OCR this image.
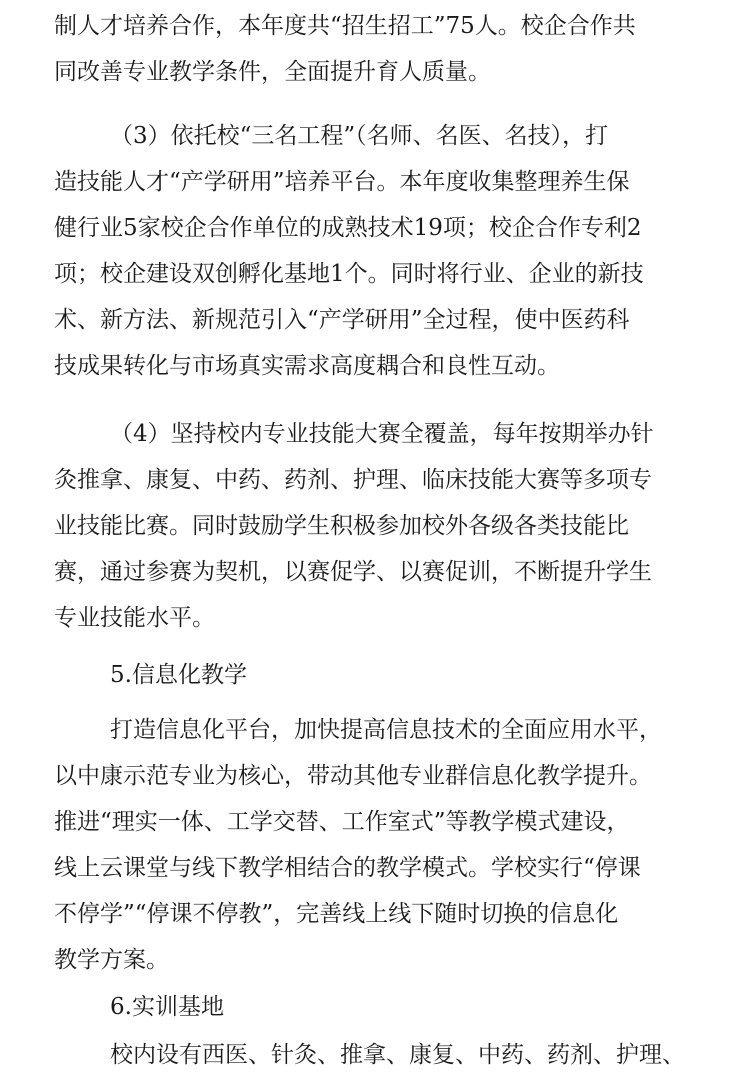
制人才培养合作，本年度共“招生招工”75人。校企合作共
同改善专业教学条件，全面提升育人质量。
（3）依托校“三名工程”（名师、名医、名技），打
造技能人才“产学研用”培养平台。本年度收集整理养生保
健行业5家校企合作单位的成熟技术19项；校企合作专利2
项；校企建设双创孵化基地1个。同时将行业、企业的新技
术、新方法、新规范引入“产学研用”全过程，使中医药科
技成果转化与市场真实需求高度耦合和良性互动。
（4）坚持校内专业技能大赛全覆盖，每年按期举办针
灸推拿、康复、中药、药剂、护理、临床技能大赛等多项专
业技能比赛。同时鼓励学生积极参加校外各级各类技能比
赛，通过参赛为契机，以赛促学、以赛促训，不断提升学生
专业技能水平。
5.信息化教学
打造信息化平台，加快提高信息技术的全面应用水平，
以中康示范专业为核心，带动其他专业群信息化教学提升。
推进“理实一体、工学交替、工作室式”等教学模式建设，
线上云课堂与线下教学相结合的教学模式。学校实行“停课
不停学”“停课不停教”，完善线上线下随时切换的信息化
教学方案。
6.实训基地
校内设有西医、针灸、推拿、康复、中药、药剂、护理、
